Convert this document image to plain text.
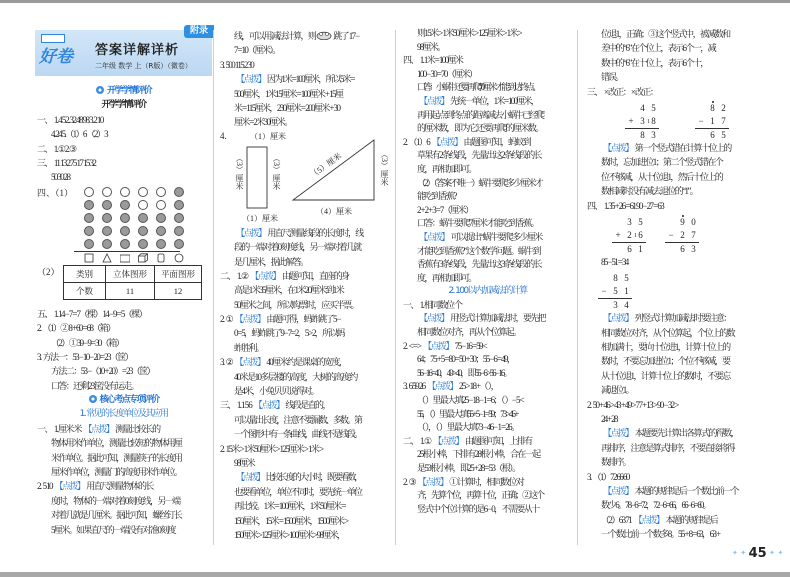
好卷
附录
答案详解详析
二年级 数学 上（R版）（微卷）
开学学情评价
开学学情评价
一、 1. 4 5 2. 32 48 98 3. 2 10
4. 24 5.（1）6 （2）3
二、 1. ① 2. ③
三、 11 13 2 75 17 15 32
50 30 28
四、（1）
（2） 类别	立体图形	平面图形
个数	11	12
五、 1. 14 − 7 = 7（棵） 14 − 9 = 5（棵）
2. （1）② 8 + 60 = 68（箱）
（2）① 39 − 9 = 30（箱）
3. 方法一：53 − 10 − 20 = 23（筐）
方法二：53 −（10 + 20）= 23（筐）
口答：还剩23筐没有运走。
核心考点专项评价
1. 常见的长度单位及其应用
一、 1. 厘米 米 【点拨】 测量比较长的
物体用米作单位，测量比较短的物体用厘
米作单位。据此可知，测量筷子的长度用
厘米作单位，测量门的高度用米作单位。
2. 5 10 【点拨】 用直尺测量物体的长
度时，物体的一端对着0刻度线，另一端
对着几就是几厘米。据此可知，螺丝钉长
5厘米。如果直尺的一端没有对准0刻度
线，可以用减法计算，则 跳了 17 −
7 = 10（厘米）。
3. 500 115 2 30
【点拨】 因为1米 = 100厘米，所以5米 =
500厘米，1米15厘米 = 100厘米 + 15厘
米 = 115厘米，230厘米 = 200厘米 + 30
厘米 = 2米30厘米。
4.	（1）厘米
（1）厘米
（3）厘米	（3）厘米	（5）厘米
（4）厘米
（3）厘米
【点拨】 用直尺测量线段的长度时，线
段的一端对着0刻度线，另一端对着几就
是几厘米，据此解答。
二、 1. ② 【点拨】 由题可知，直座的身
高是1米35厘米，在1米20厘米到1米
50厘米之间，所以购票时，应买半票。
2. ① 【点拨】 由题可得，蚂蚱跳了5 −
0 = 5，蚂蚱跳了9 − 7 = 2，5 > 2，所以蚂
蚱胜利。
3. ② 【点拨】 40厘米约是课桌的宽度，
40米是10多层楼的高度，大树的高度约
是4米，小兔贝贝说得对。
三、 1. 1 5 6 【点拨】 线段是直的，
可以量出长度，注意不要漏数、多数。第
一个图形中有一条曲线，曲线不是线段。
2. 15米 > 1米50厘米 > 125厘米 > 1米 >
98厘米
【点拨】 比较长度的大小时，既要看数，
也要看单位，单位不同时，要先统一单位
再比较。1米 = 100厘米，1米50厘米 =
150厘米，15米 = 1500厘米，1500厘米 >
150厘米 > 125厘米 > 100厘米 > 98厘米，
则15米 > 1米50厘米 > 125厘米 > 1米 >
98厘米。
四、 1. 1米 = 100厘米
100 − 30 = 70（厘米）
口答：小蜗牛还要再爬70厘米才能到达终点。
【点拨】 先统一单位，1米 = 100厘米，
再用起点到终点的距离减去小蜗牛已经爬
的厘米数，即为它还要再爬的厘米数。
2. （1）6 【点拨】 由题图可知，蚂蚁到
草果有2条线段，先量出这2条线段的长
度，再相加即可。
（2）（答案不唯一）蜗牛要爬多少厘米才
能吃到香蕉?
2 + 2 + 3 = 7（厘米）
口答：蜗牛要爬7厘米才能吃到香蕉。
【点拨】 可以提出“蜗牛要爬多少厘米
才能吃到香蕉?”这个数学问题。蜗牛到
香蕉有3条线段，先量出这3条线段的长
度，再相加即可。
2. 100以内加减法的计算
一、 1. 相同数位 个
【点拨】 用竖式计算加减法时，要先把
相同数位对齐，再从个位算起。
2. < = > 【点拨】 75 − 16 = 59 <
64；75 + 5 = 80 = 50 + 30；55 − 6 = 49，
56 − 16 = 40，49 > 40，即55 − 6 > 56 − 16。
3. 6 59 26 【点拨】 25 > 18 +（ ），
（ ）里最大填25 − 18 − 1 = 6；（ ）− 5 <
55，（ ）里最大填55 + 5 − 1 = 59；73 > 46 +
（ ），（ ）里最大填73 − 46 − 1 = 26。
二、 1. ① 【点拨】 由题图可知，上排有
25根小棒，下排有28根小棒，合在一起
是53根小棒，即25 + 28 = 53（根）。
2. ③ 【点拨】 ①计算时，相同数位对
齐，先算个位，再算十位，正确；②这个
竖式中个位计算的是6 − 0，不需要从十
位退1，正确；③这个竖式中，被减数和
差中的“6”在个位上，表示6个一，减
数中的“6”在十位上，表示6个十，
错误。
三、 × 改正： × 改正：
4 5
+ 3 1 8
8 3
8 2
− 1 7
6 5
【点拨】 第一个竖式错在计算十位上的
数时，忘加进位1；第二个竖式错在个
位不够减，从十位退1，然后十位上的
数相减时没有减去退位的“1”。
四、 1. 35 + 26 = 61 90 − 27 = 63
3 5
+ 2 1 6
6 1
9 0
− 2 7
6 3
85 − 51 = 34
8 5
− 5 1
3 4
【点拨】 列竖式计算加减法时要注意：
相同数位对齐，从个位算起，个位上的数
相加满十，要向十位进1，计算十位上的
数时，不要忘加进位1；个位不够减，要
从十位退1，计算十位上的数时，不要忘
减退位1。
2. 50 + 46 > 43 + 49 > 77 + 13 > 90 − 32 >
24 + 28
【点拨】 本题要先计算出各算式的得数，
再排序，注意是算式排序，不要直接将得
数排序。
3. （1）72 66 60
【点拨】 本题的规律是后一个数比前一个
数少6。78 − 6 = 72，72 − 6 = 66，66 − 6 = 60。
（2）63 71 【点拨】 本题的规律是后
一个数比前一个数多8。55 + 8 = 63，63 +
✦ ✦ 45 ✦ ✦
